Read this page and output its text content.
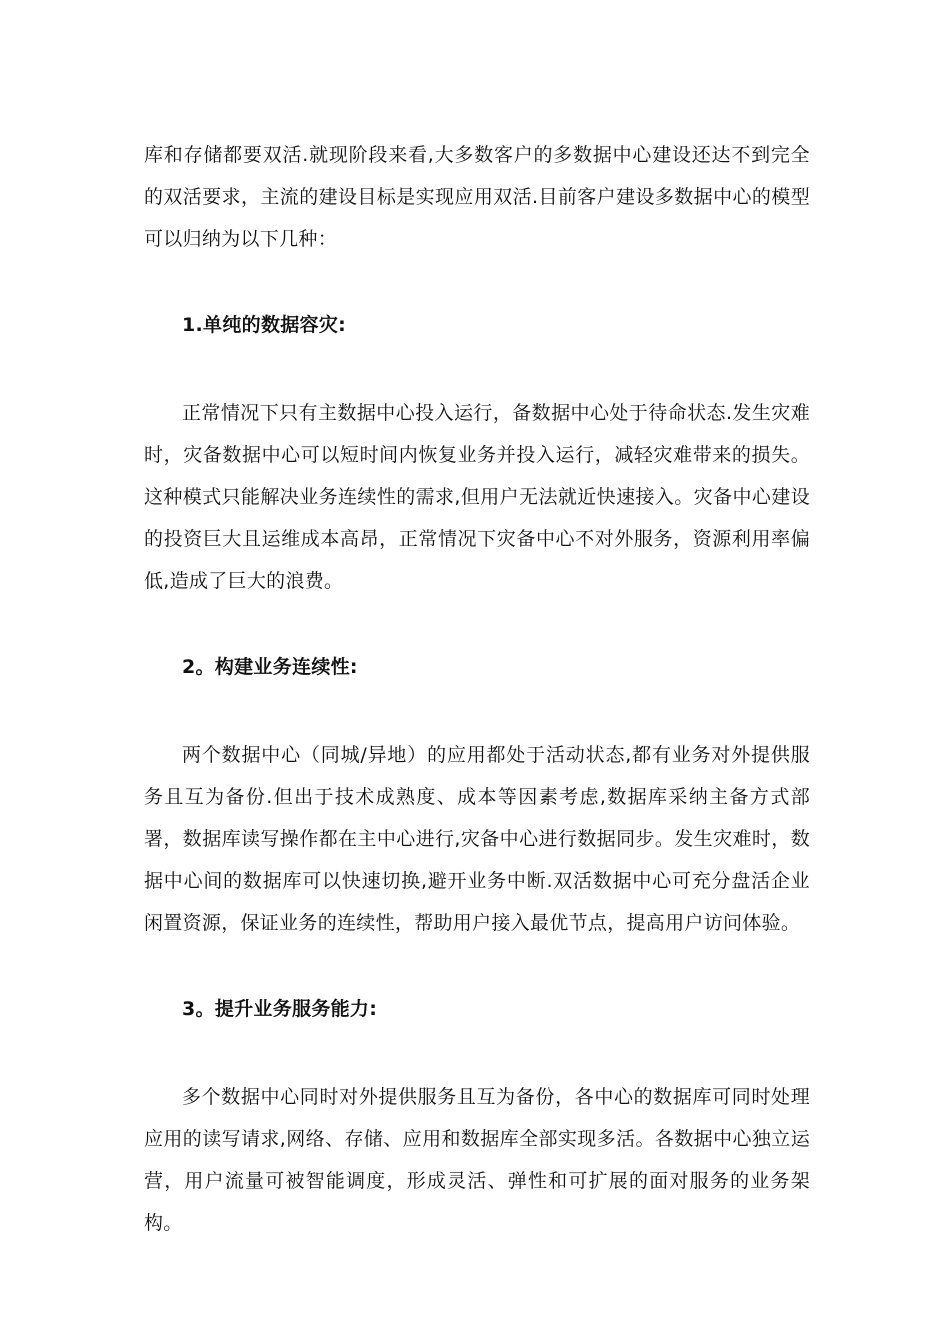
库和存储都要双活.就现阶段来看,大多数客户的多数据中心建设还达不到完全的双活要求，主流的建设目标是实现应用双活.目前客户建设多数据中心的模型可以归纳为以下几种：

1.单纯的数据容灾:

正常情况下只有主数据中心投入运行，备数据中心处于待命状态.发生灾难时，灾备数据中心可以短时间内恢复业务并投入运行，减轻灾难带来的损失。这种模式只能解决业务连续性的需求,但用户无法就近快速接入。灾备中心建设的投资巨大且运维成本高昂，正常情况下灾备中心不对外服务，资源利用率偏低,造成了巨大的浪费。

2。构建业务连续性:

两个数据中心（同城/异地）的应用都处于活动状态,都有业务对外提供服务且互为备份.但出于技术成熟度、成本等因素考虑,数据库采纳主备方式部署，数据库读写操作都在主中心进行,灾备中心进行数据同步。发生灾难时，数据中心间的数据库可以快速切换,避开业务中断.双活数据中心可充分盘活企业闲置资源，保证业务的连续性，帮助用户接入最优节点，提高用户访问体验。

3。提升业务服务能力:

多个数据中心同时对外提供服务且互为备份，各中心的数据库可同时处理应用的读写请求,网络、存储、应用和数据库全部实现多活。各数据中心独立运营，用户流量可被智能调度，形成灵活、弹性和可扩展的面对服务的业务架构。
